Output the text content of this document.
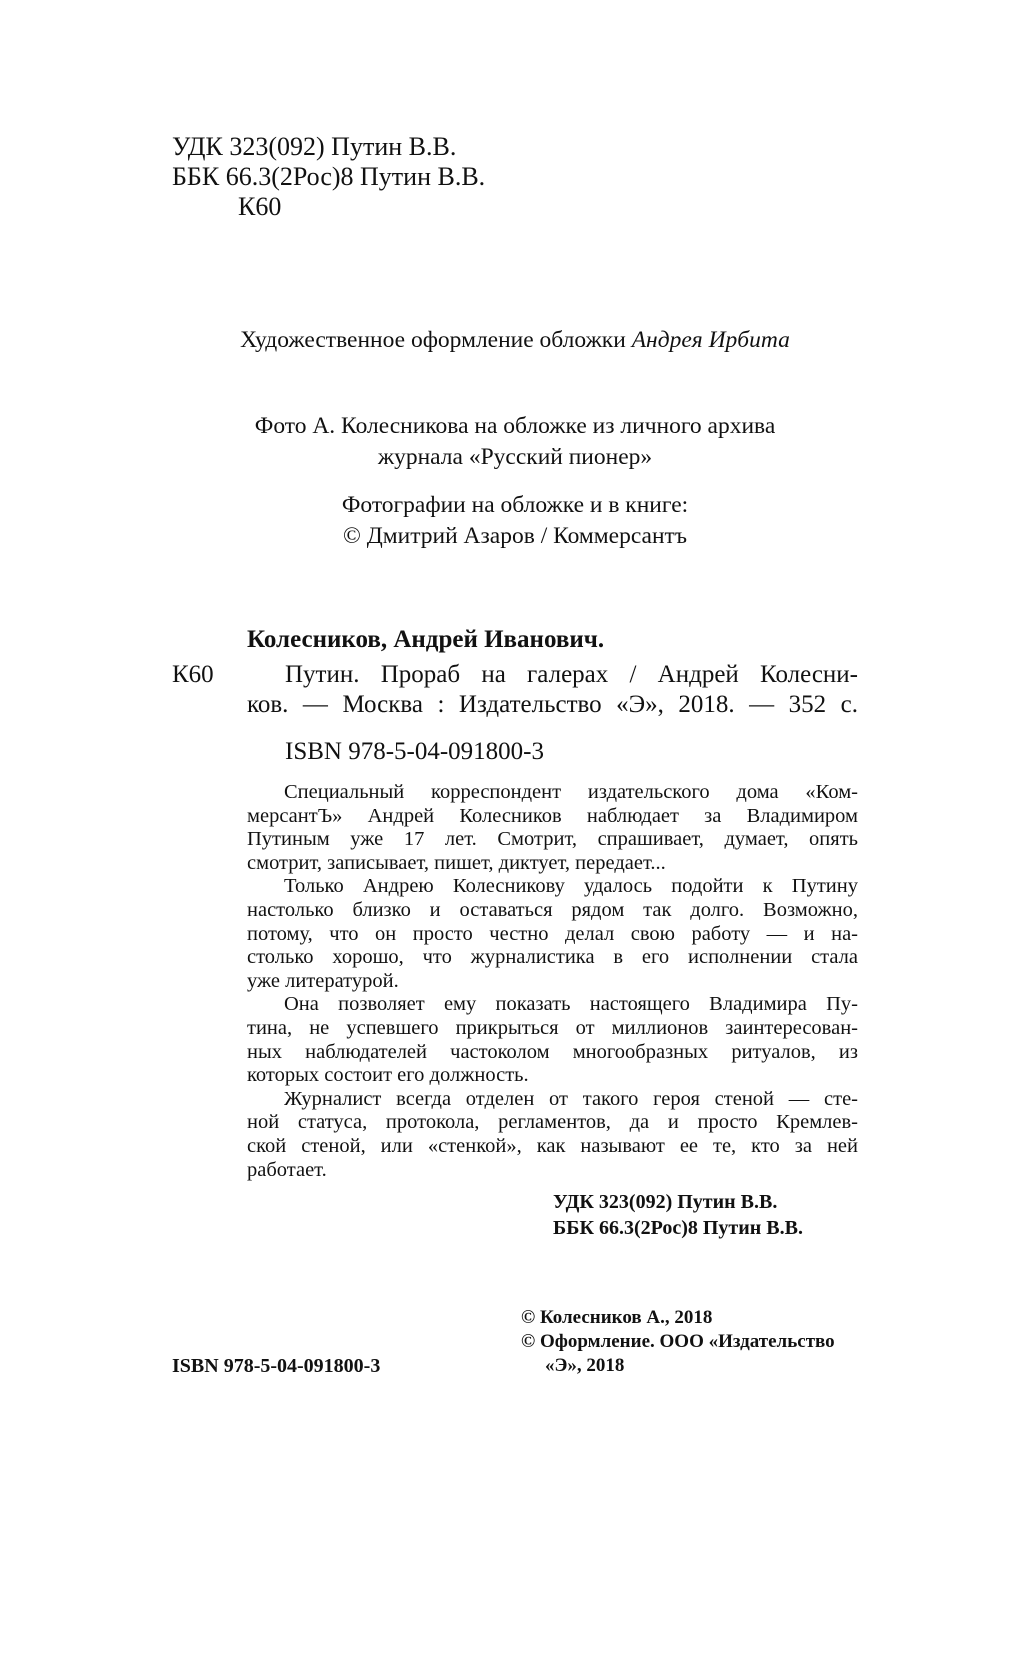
УДК 323(092) Путин В.В.
ББК 66.3(2Рос)8 Путин В.В.
К60
Художественное оформление обложки Андрея Ирбита
Фото А. Колесникова на обложке из личного архива
журнала «Русский пионер»
Фотографии на обложке и в книге:
© Дмитрий Азаров / Коммерсантъ
Колесников, Андрей Иванович.
К60	Путин. Прораб на галерах / Андрей Колесни-
ков. — Москва : Издательство «Э», 2018. — 352 с.
ISBN 978-5-04-091800-3
Специальный корреспондент издательского дома «Ком-
мерсантЪ» Андрей Колесников наблюдает за Владимиром
Путиным уже 17 лет. Смотрит, спрашивает, думает, опять
смотрит, записывает, пишет, диктует, передает...
Только Андрею Колесникову удалось подойти к Путину
настолько близко и оставаться рядом так долго. Возможно,
потому, что он просто честно делал свою работу — и на-
столько хорошо, что журналистика в его исполнении стала
уже литературой.
Она позволяет ему показать настоящего Владимира Пу-
тина, не успевшего прикрыться от миллионов заинтересован-
ных наблюдателей частоколом многообразных ритуалов, из
которых состоит его должность.
Журналист всегда отделен от такого героя стеной — сте-
ной статуса, протокола, регламентов, да и просто Кремлев-
ской стеной, или «стенкой», как называют ее те, кто за ней
работает.
УДК 323(092) Путин В.В.
ББК 66.3(2Рос)8 Путин В.В.
ISBN 978-5-04-091800-3
© Колесников А., 2018
© Оформление. ООО «Издательство
«Э», 2018
